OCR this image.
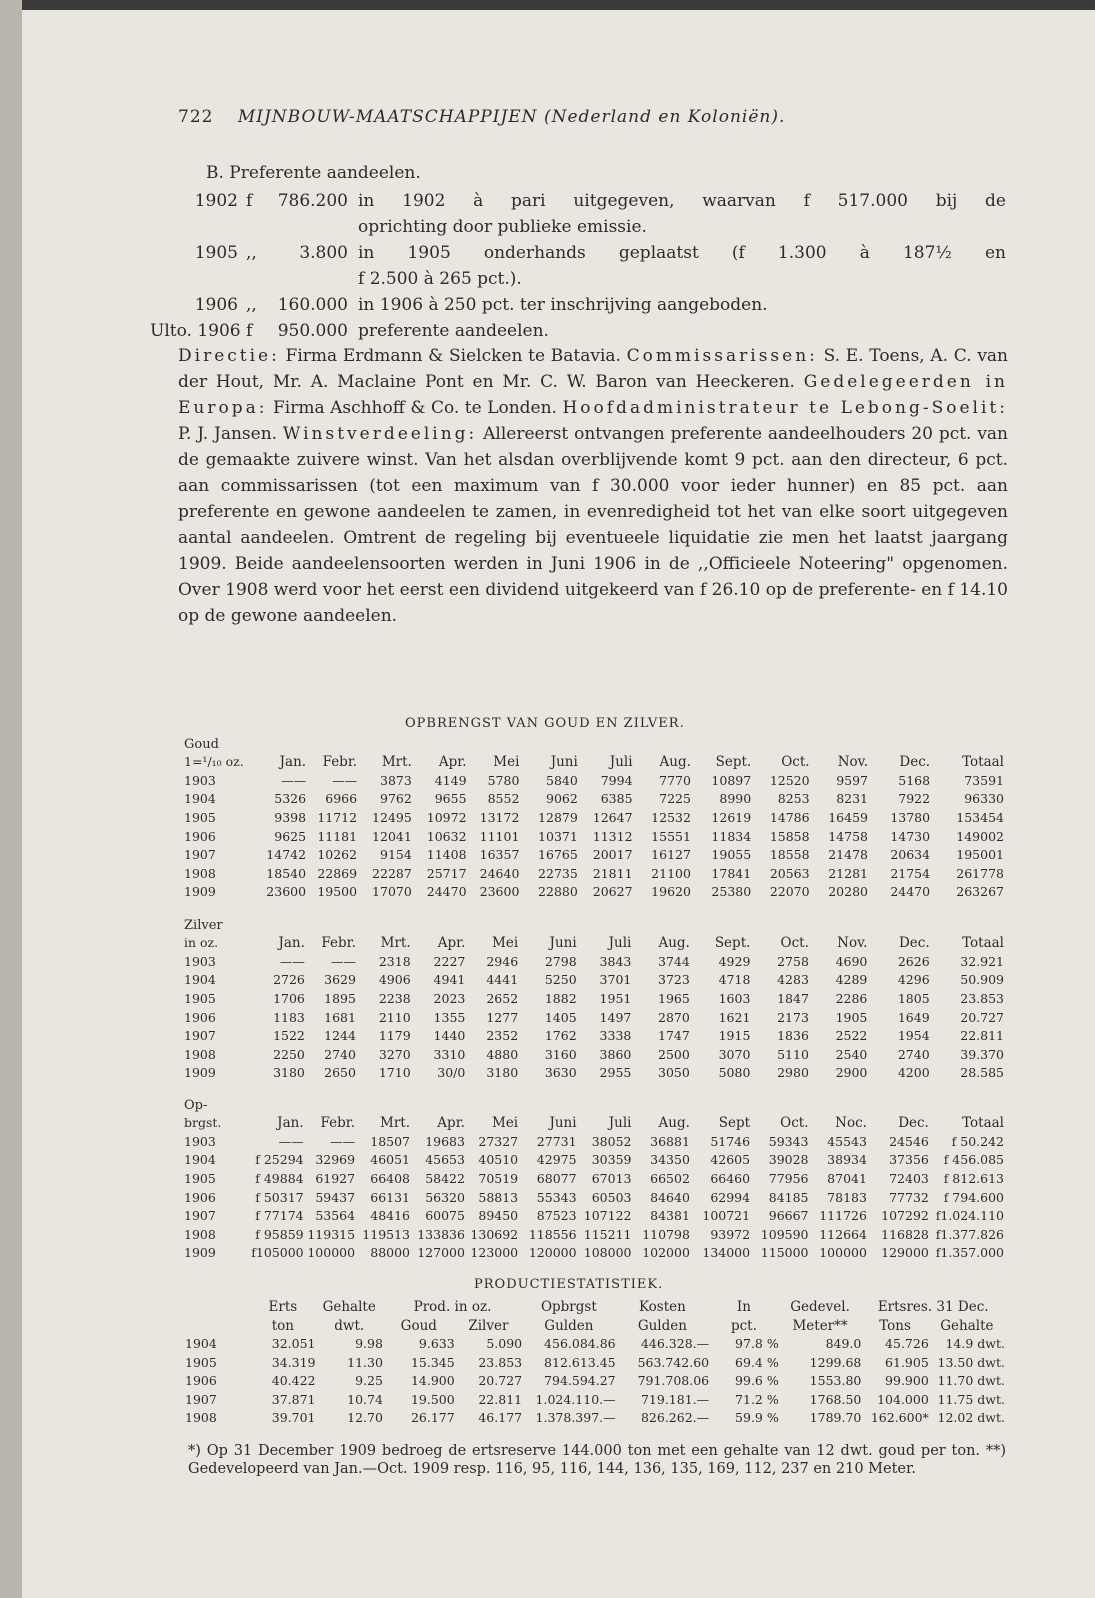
722 MIJNBOUW-MAATSCHAPPIJEN (Nederland en Koloniën).
B. Preferente aandeelen.
1902 f	786.200 in 1902 à pari uitgegeven, waarvan f 517.000 bij de
oprichting door publieke emissie.
1905 ,,	3.800 in 1905 onderhands geplaatst (f 1.300 à 187½ en
f 2.500 à 265 pct.).
1906 ,,	160.000 in 1906 à 250 pct. ter inschrijving aangeboden.
Ulto. 1906 f	950.000 preferente aandeelen.

Directie: Firma Erdmann & Sielcken te Batavia. Commissarissen: S. E. Toens, A. C. van der Hout, Mr. A. Maclaine Pont en Mr. C. W. Baron van Heeckeren. Gedelegeerden in Europa: Firma Aschhoff & Co. te Londen. Hoofdadministrateur te Lebong-Soelit: P. J. Jansen. Winstverdeeling: Allereerst ontvangen preferente aandeelhouders 20 pct. van de gemaakte zuivere winst. Van het alsdan overblijvende komt 9 pct. aan den directeur, 6 pct. aan commissarissen (tot een maximum van f 30.000 voor ieder hunner) en 85 pct. aan preferente en gewone aandeelen te zamen, in evenredigheid tot het van elke soort uitgegeven aantal aandeelen. Omtrent de regeling bij eventueele liquidatie zie men het laatst jaargang 1909. Beide aandeelensoorten werden in Juni 1906 in de ,,Officieele Noteering" opgenomen. Over 1908 werd voor het eerst een dividend uitgekeerd van f 26.10 op de preferente- en f 14.10 op de gewone aandeelen.

OPBRENGST VAN GOUD EN ZILVER.
Goud
1=¹/₁₀ oz.	Jan.	Febr.	Mrt.	Apr.	Mei	Juni	Juli	Aug.	Sept.	Oct.	Nov.	Dec.	Totaal
1903	——	——	3873	4149	5780	5840	7994	7770	10897	12520	9597	5168	73591
1904	5326	6966	9762	9655	8552	9062	6385	7225	8990	8253	8231	7922	96330
1905	9398	11712	12495	10972	13172	12879	12647	12532	12619	14786	16459	13780	153454
1906	9625	11181	12041	10632	11101	10371	11312	15551	11834	15858	14758	14730	149002
1907	14742	10262	9154	11408	16357	16765	20017	16127	19055	18558	21478	20634	195001
1908	18540	22869	22287	25717	24640	22735	21811	21100	17841	20563	21281	21754	261778
1909	23600	19500	17070	24470	23600	22880	20627	19620	25380	22070	20280	24470	263267
Zilver
in oz.	Jan.	Febr.	Mrt.	Apr.	Mei	Juni	Juli	Aug.	Sept.	Oct.	Nov.	Dec.	Totaal
1903	——	——	2318	2227	2946	2798	3843	3744	4929	2758	4690	2626	32.921
1904	2726	3629	4906	4941	4441	5250	3701	3723	4718	4283	4289	4296	50.909
1905	1706	1895	2238	2023	2652	1882	1951	1965	1603	1847	2286	1805	23.853
1906	1183	1681	2110	1355	1277	1405	1497	2870	1621	2173	1905	1649	20.727
1907	1522	1244	1179	1440	2352	1762	3338	1747	1915	1836	2522	1954	22.811
1908	2250	2740	3270	3310	4880	3160	3860	2500	3070	5110	2540	2740	39.370
1909	3180	2650	1710	30/0	3180	3630	2955	3050	5080	2980	2900	4200	28.585
Op-
brgst.	Jan.	Febr.	Mrt.	Apr.	Mei	Juni	Juli	Aug.	Sept	Oct.	Noc.	Dec.	Totaal
1903	——	——	18507	19683	27327	27731	38052	36881	51746	59343	45543	24546	f 50.242
1904	f 25294	32969	46051	45653	40510	42975	30359	34350	42605	39028	38934	37356	f 456.085
1905	f 49884	61927	66408	58422	70519	68077	67013	66502	66460	77956	87041	72403	f 812.613
1906	f 50317	59437	66131	56320	58813	55343	60503	84640	62994	84185	78183	77732	f 794.600
1907	f 77174	53564	48416	60075	89450	87523	107122	84381	100721	96667	111726	107292	f1.024.110
1908	f 95859	119315	119513	133836	130692	118556	115211	110798	93972	109590	112664	116828	f1.377.826
1909	f105000	100000	88000	127000	123000	120000	108000	102000	134000	115000	100000	129000	f1.357.000
PRODUCTIESTATISTIEK.
	Erts	Gehalte	Prod. in oz.		Opbrgst	Kosten	In	Gedevel.	Ertsres. 31 Dec.	
	ton	dwt.	Goud	Zilver	Gulden	Gulden	pct.	Meter**	Tons	Gehalte
1904	32.051	9.98	9.633	5.090	456.084.86	446.328.—	97.8 %	849.0	45.726	14.9 dwt.
1905	34.319	11.30	15.345	23.853	812.613.45	563.742.60	69.4 %	1299.68	61.905	13.50 dwt.
1906	40.422	9.25	14.900	20.727	794.594.27	791.708.06	99.6 %	1553.80	99.900	11.70 dwt.
1907	37.871	10.74	19.500	22.811	1.024.110.—	719.181.—	71.2 %	1768.50	104.000	11.75 dwt.
1908	39.701	12.70	26.177	46.177	1.378.397.—	826.262.—	59.9 %	1789.70	162.600*	12.02 dwt.
*) Op 31 December 1909 bedroeg de ertsreserve 144.000 ton met een gehalte van 12 dwt. goud per ton. **) Gedevelopeerd van Jan.—Oct. 1909 resp. 116, 95, 116, 144, 136, 135, 169, 112, 237 en 210 Meter.
